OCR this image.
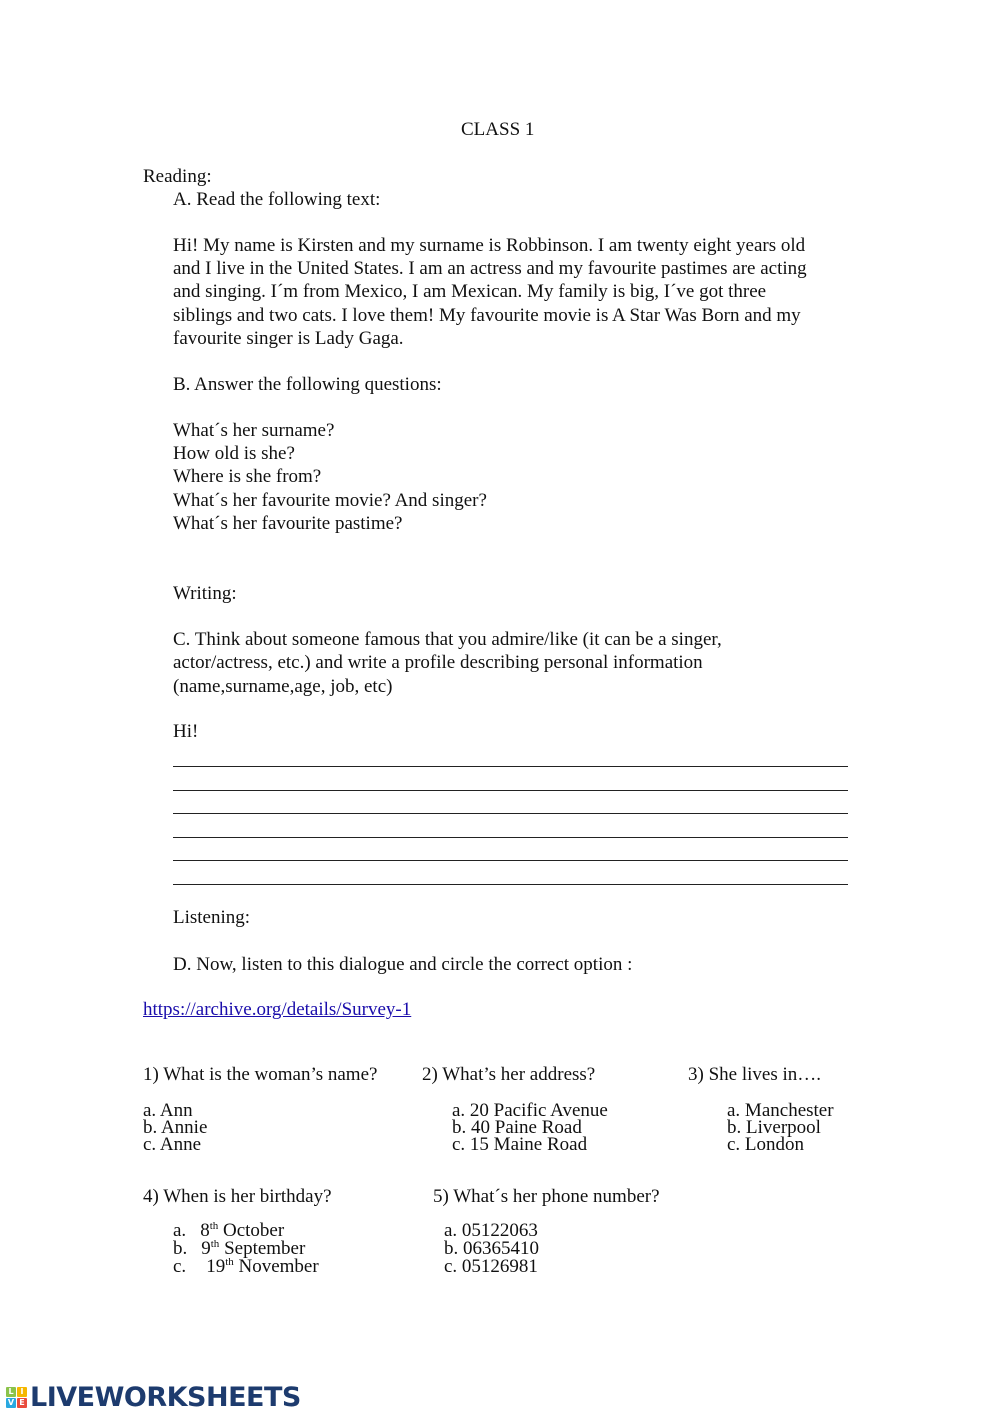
CLASS 1
Reading:
A. Read the following text:
Hi! My name is Kirsten and my surname is Robbinson. I am twenty eight years old
and I live in the United States. I am an actress and my favourite pastimes are acting
and singing. I´m from Mexico, I am Mexican. My family is big, I´ve got three
siblings and two cats. I love them! My favourite movie is A Star Was Born and my
favourite singer is Lady Gaga.
B. Answer the following questions:
What´s her surname?
How old is she?
Where is she from?
What´s her favourite movie? And singer?
What´s her favourite pastime?
Writing:
C. Think about someone famous that you admire/like (it can be a singer,
actor/actress, etc.) and write a profile describing personal information
(name,surname,age, job, etc)
Hi!
Listening:
D. Now, listen to this dialogue and circle the correct option :
https://archive.org/details/Survey-1
1) What is the woman’s name? 2) What’s her address?	3) She lives in….
a. Ann
b. Annie
c. Anne
a. 20 Pacific Avenue
b. 40 Paine Road
c. 15 Maine Road
a. Manchester
b. Liverpool
c. London
4) When is her birthday?	5) What´s her phone number?
a. 8th October
b. 9th September
c. 19th November
a. 05122063
b. 06365410
c. 05126981
L I
V E LIVEWORKSHEETS
